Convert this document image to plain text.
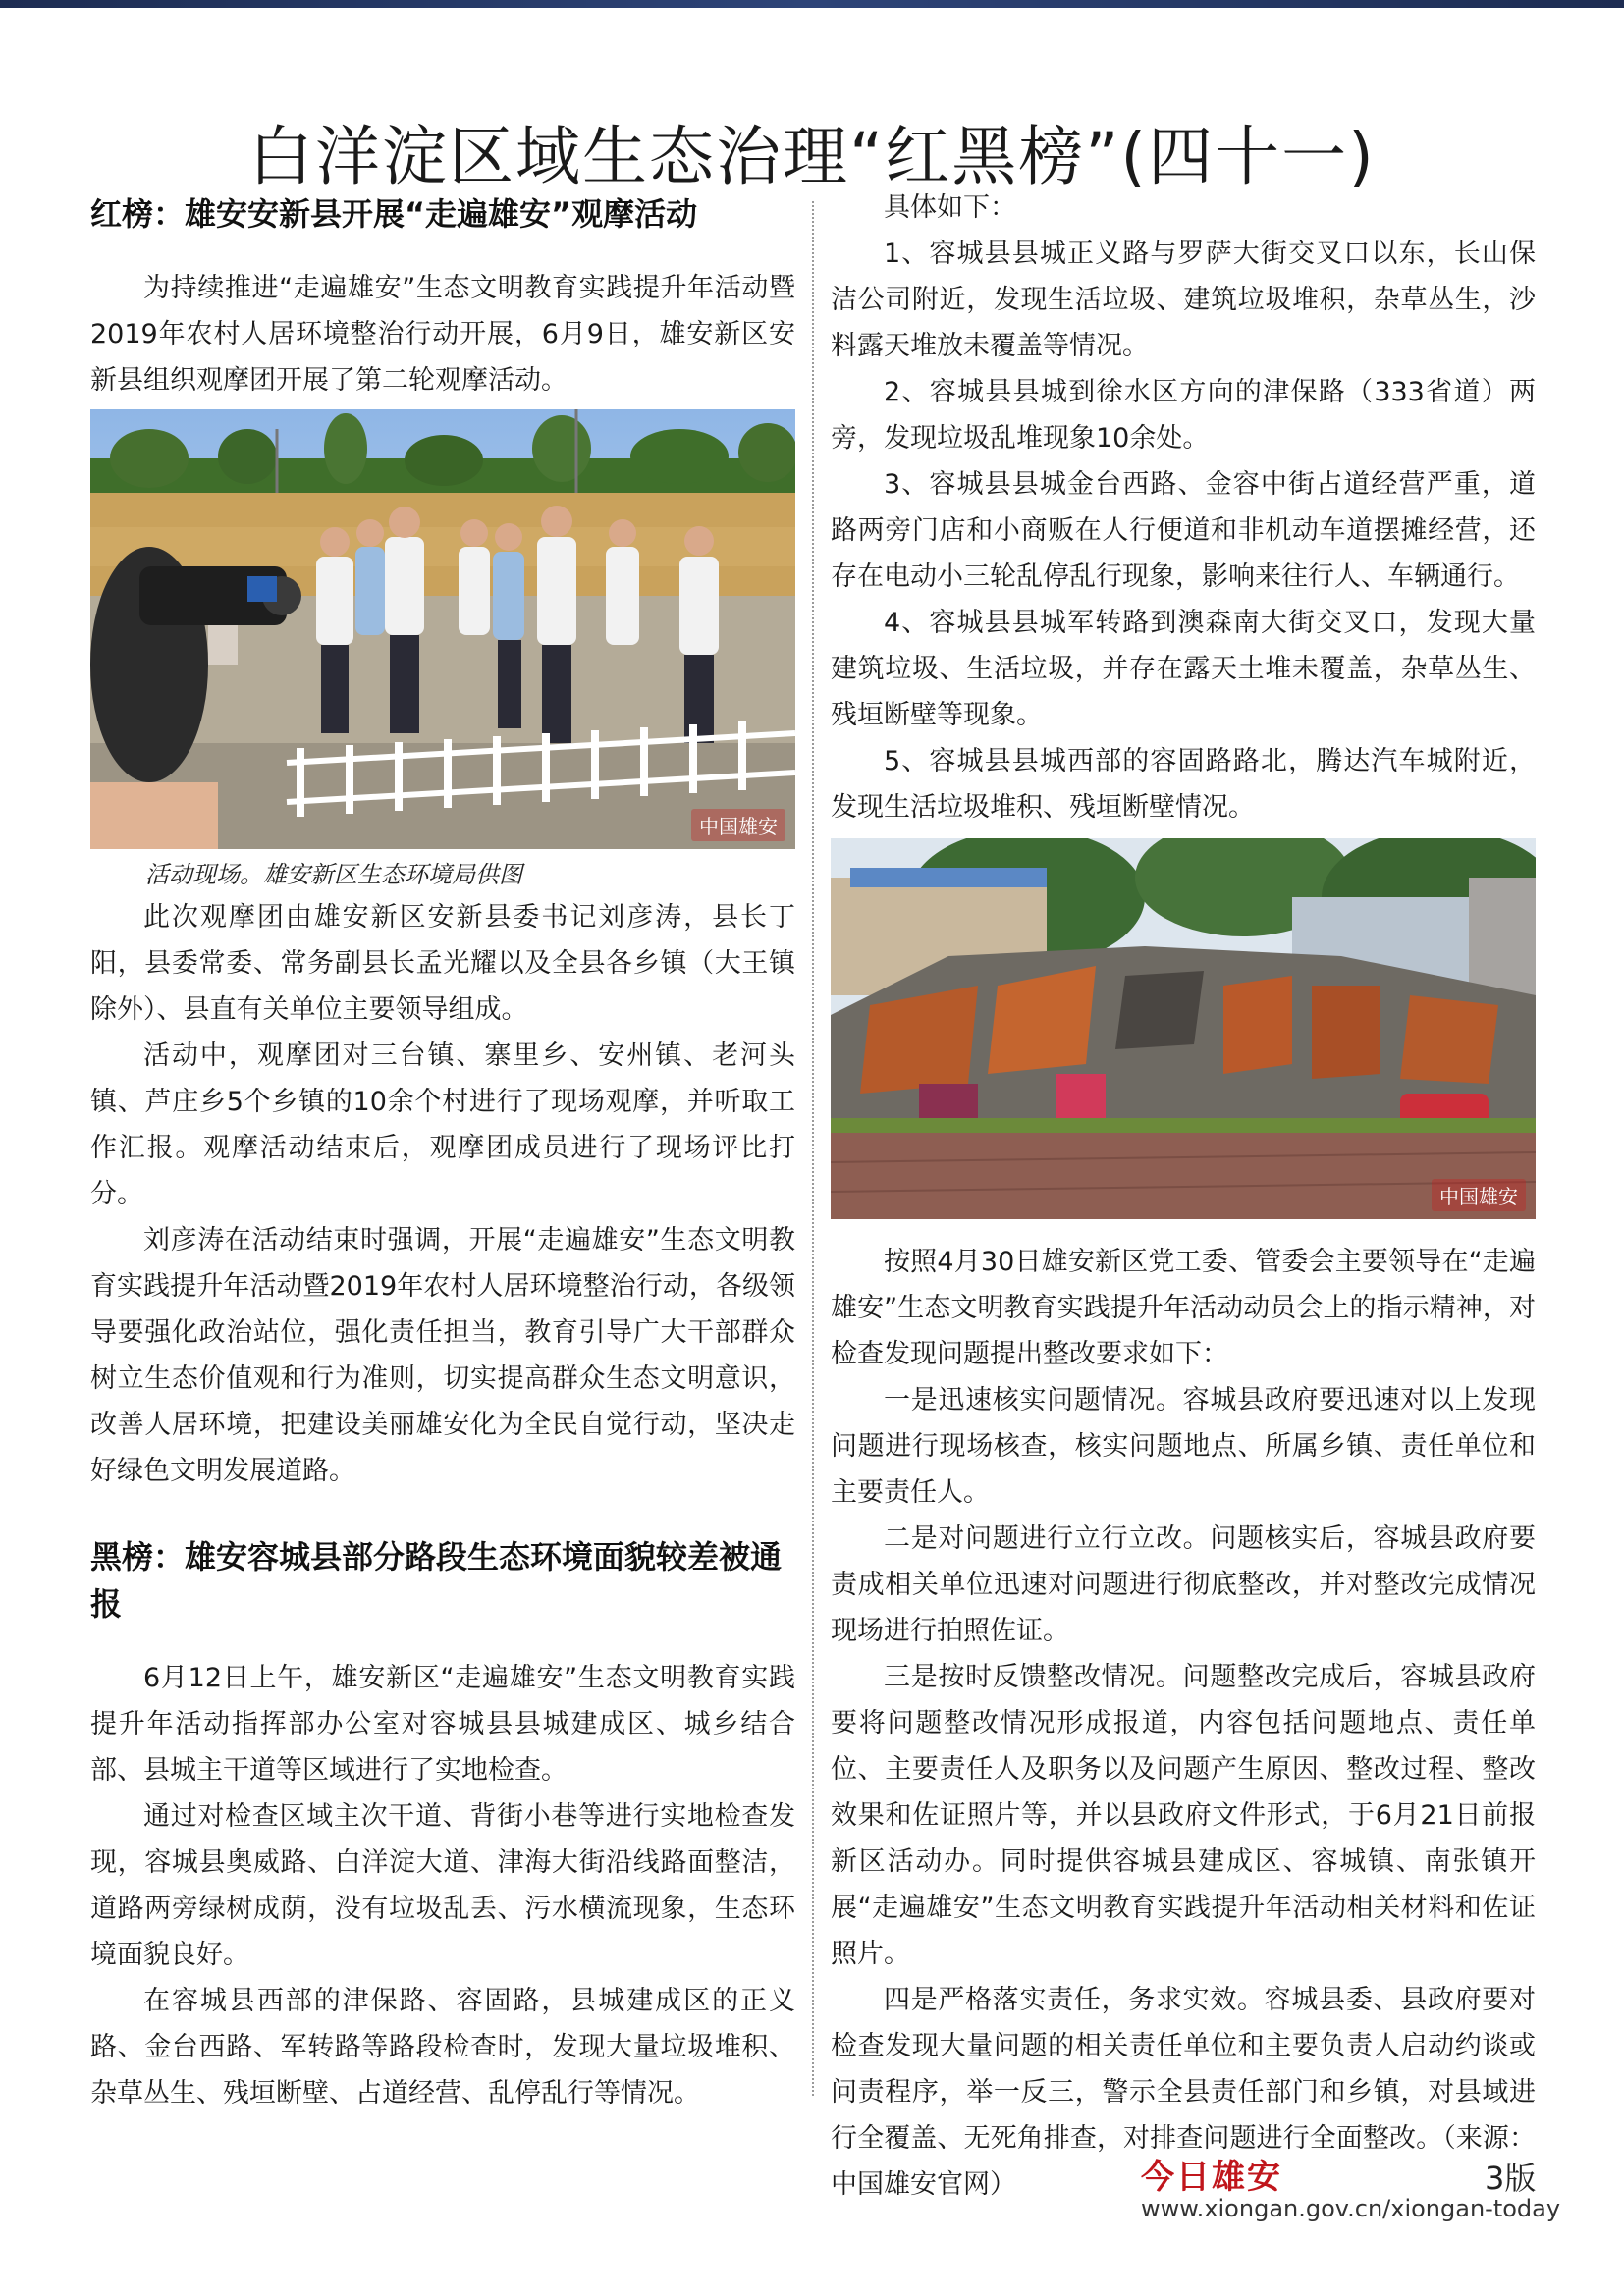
白洋淀区域生态治理“红黑榜”(四十一)
红榜：雄安安新县开展“走遍雄安”观摩活动

为持续推进“走遍雄安”生态文明教育实践提升年活动暨2019年农村人居环境整治行动开展，6月9日，雄安新区安新县组织观摩团开展了第二轮观摩活动。

中国雄安
活动现场。雄安新区生态环境局供图

此次观摩团由雄安新区安新县委书记刘彦涛，县长丁阳，县委常委、常务副县长孟光耀以及全县各乡镇（大王镇除外）、县直有关单位主要领导组成。

活动中，观摩团对三台镇、寨里乡、安州镇、老河头镇、芦庄乡5个乡镇的10余个村进行了现场观摩，并听取工作汇报。观摩活动结束后，观摩团成员进行了现场评比打分。

刘彦涛在活动结束时强调，开展“走遍雄安”生态文明教育实践提升年活动暨2019年农村人居环境整治行动，各级领导要强化政治站位，强化责任担当，教育引导广大干部群众树立生态价值观和行为准则，切实提高群众生态文明意识，改善人居环境，把建设美丽雄安化为全民自觉行动，坚决走好绿色文明发展道路。

黑榜：雄安容城县部分路段生态环境面貌较差被通报

6月12日上午，雄安新区“走遍雄安”生态文明教育实践提升年活动指挥部办公室对容城县县城建成区、城乡结合部、县城主干道等区域进行了实地检查。

通过对检查区域主次干道、背街小巷等进行实地检查发现，容城县奥威路、白洋淀大道、津海大街沿线路面整洁，道路两旁绿树成荫，没有垃圾乱丢、污水横流现象，生态环境面貌良好。

在容城县西部的津保路、容固路，县城建成区的正义路、金台西路、军转路等路段检查时，发现大量垃圾堆积、杂草丛生、残垣断壁、占道经营、乱停乱行等情况。

具体如下：

1、容城县县城正义路与罗萨大街交叉口以东，长山保洁公司附近，发现生活垃圾、建筑垃圾堆积，杂草丛生，沙料露天堆放未覆盖等情况。

2、容城县县城到徐水区方向的津保路（333省道）两旁，发现垃圾乱堆现象10余处。

3、容城县县城金台西路、金容中街占道经营严重，道路两旁门店和小商贩在人行便道和非机动车道摆摊经营，还存在电动小三轮乱停乱行现象，影响来往行人、车辆通行。

4、容城县县城军转路到澳森南大街交叉口，发现大量建筑垃圾、生活垃圾，并存在露天土堆未覆盖，杂草丛生、残垣断壁等现象。

5、容城县县城西部的容固路路北，腾达汽车城附近，发现生活垃圾堆积、残垣断壁情况。

中国雄安

按照4月30日雄安新区党工委、管委会主要领导在“走遍雄安”生态文明教育实践提升年活动动员会上的指示精神，对检查发现问题提出整改要求如下：

一是迅速核实问题情况。容城县政府要迅速对以上发现问题进行现场核查，核实问题地点、所属乡镇、责任单位和主要责任人。

二是对问题进行立行立改。问题核实后，容城县政府要责成相关单位迅速对问题进行彻底整改，并对整改完成情况现场进行拍照佐证。

三是按时反馈整改情况。问题整改完成后，容城县政府要将问题整改情况形成报道，内容包括问题地点、责任单位、主要责任人及职务以及问题产生原因、整改过程、整改效果和佐证照片等，并以县政府文件形式，于6月21日前报新区活动办。同时提供容城县建成区、容城镇、南张镇开展“走遍雄安”生态文明教育实践提升年活动相关材料和佐证照片。

四是严格落实责任，务求实效。容城县委、县政府要对检查发现大量问题的相关责任单位和主要负责人启动约谈或问责程序，举一反三，警示全县责任部门和乡镇，对县域进行全覆盖、无死角排查，对排查问题进行全面整改。（来源：中国雄安官网）	今日雄安	3版
www.xiongan.gov.cn/xiongan-today
